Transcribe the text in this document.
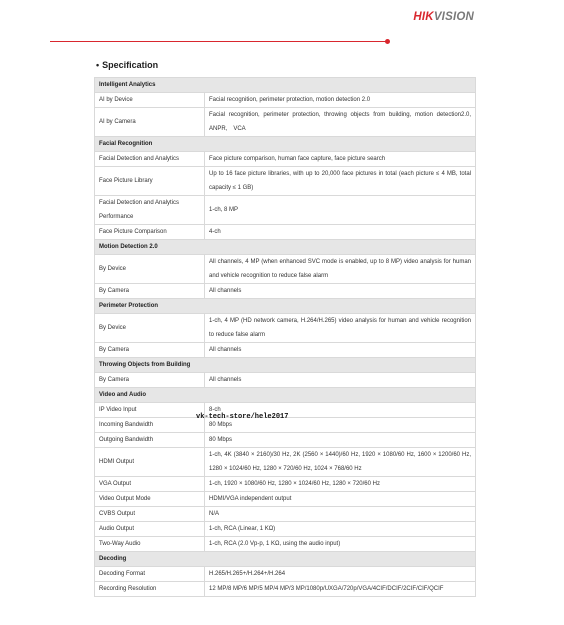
HIKVISION
• Specification
Intelligent Analytics	
AI by Device	Facial recognition, perimeter protection, motion detection 2.0
AI by Camera	Facial recognition, perimeter protection, throwing objects from building, motion detection2.0, ANPR,　VCA
Facial Recognition	
Facial Detection and Analytics	Face picture comparison, human face capture, face picture search
Face Picture Library	Up to 16 face picture libraries, with up to 20,000 face pictures in total (each picture ≤ 4 MB, total capacity ≤ 1 GB)
Facial Detection and Analytics Performance	1-ch, 8 MP
Face Picture Comparison	4-ch
Motion Detection 2.0	
By Device	All channels, 4 MP (when enhanced SVC mode is enabled, up to 8 MP) video analysis for human and vehicle recognition to reduce false alarm
By Camera	All channels
Perimeter Protection	
By Device	1-ch, 4 MP (HD network camera, H.264/H.265) video analysis for human and vehicle recognition to reduce false alarm
By Camera	All channels
Throwing Objects from Building	
By Camera	All channels
Video and Audio	
IP Video Input	8-ch
Incoming Bandwidth	80 Mbps
Outgoing Bandwidth	80 Mbps
HDMI Output	1-ch, 4K (3840 × 2160)/30 Hz, 2K (2560 × 1440)/60 Hz, 1920 × 1080/60 Hz, 1600 × 1200/60 Hz, 1280 × 1024/60 Hz, 1280 × 720/60 Hz, 1024 × 768/60 Hz
VGA Output	1-ch, 1920 × 1080/60 Hz, 1280 × 1024/60 Hz, 1280 × 720/60 Hz
Video Output Mode	HDMI/VGA independent output
CVBS Output	N/A
Audio Output	1-ch, RCA (Linear, 1 KΩ)
Two-Way Audio	1-ch, RCA (2.0 Vp-p, 1 KΩ, using the audio input)
Decoding	
Decoding Format	H.265/H.265+/H.264+/H.264
Recording Resolution	12 MP/8 MP/6 MP/5 MP/4 MP/3 MP/1080p/UXGA/720p/VGA/4CIF/DCIF/2CIF/CIF/QCIF
vk-tech-store/hele2017
